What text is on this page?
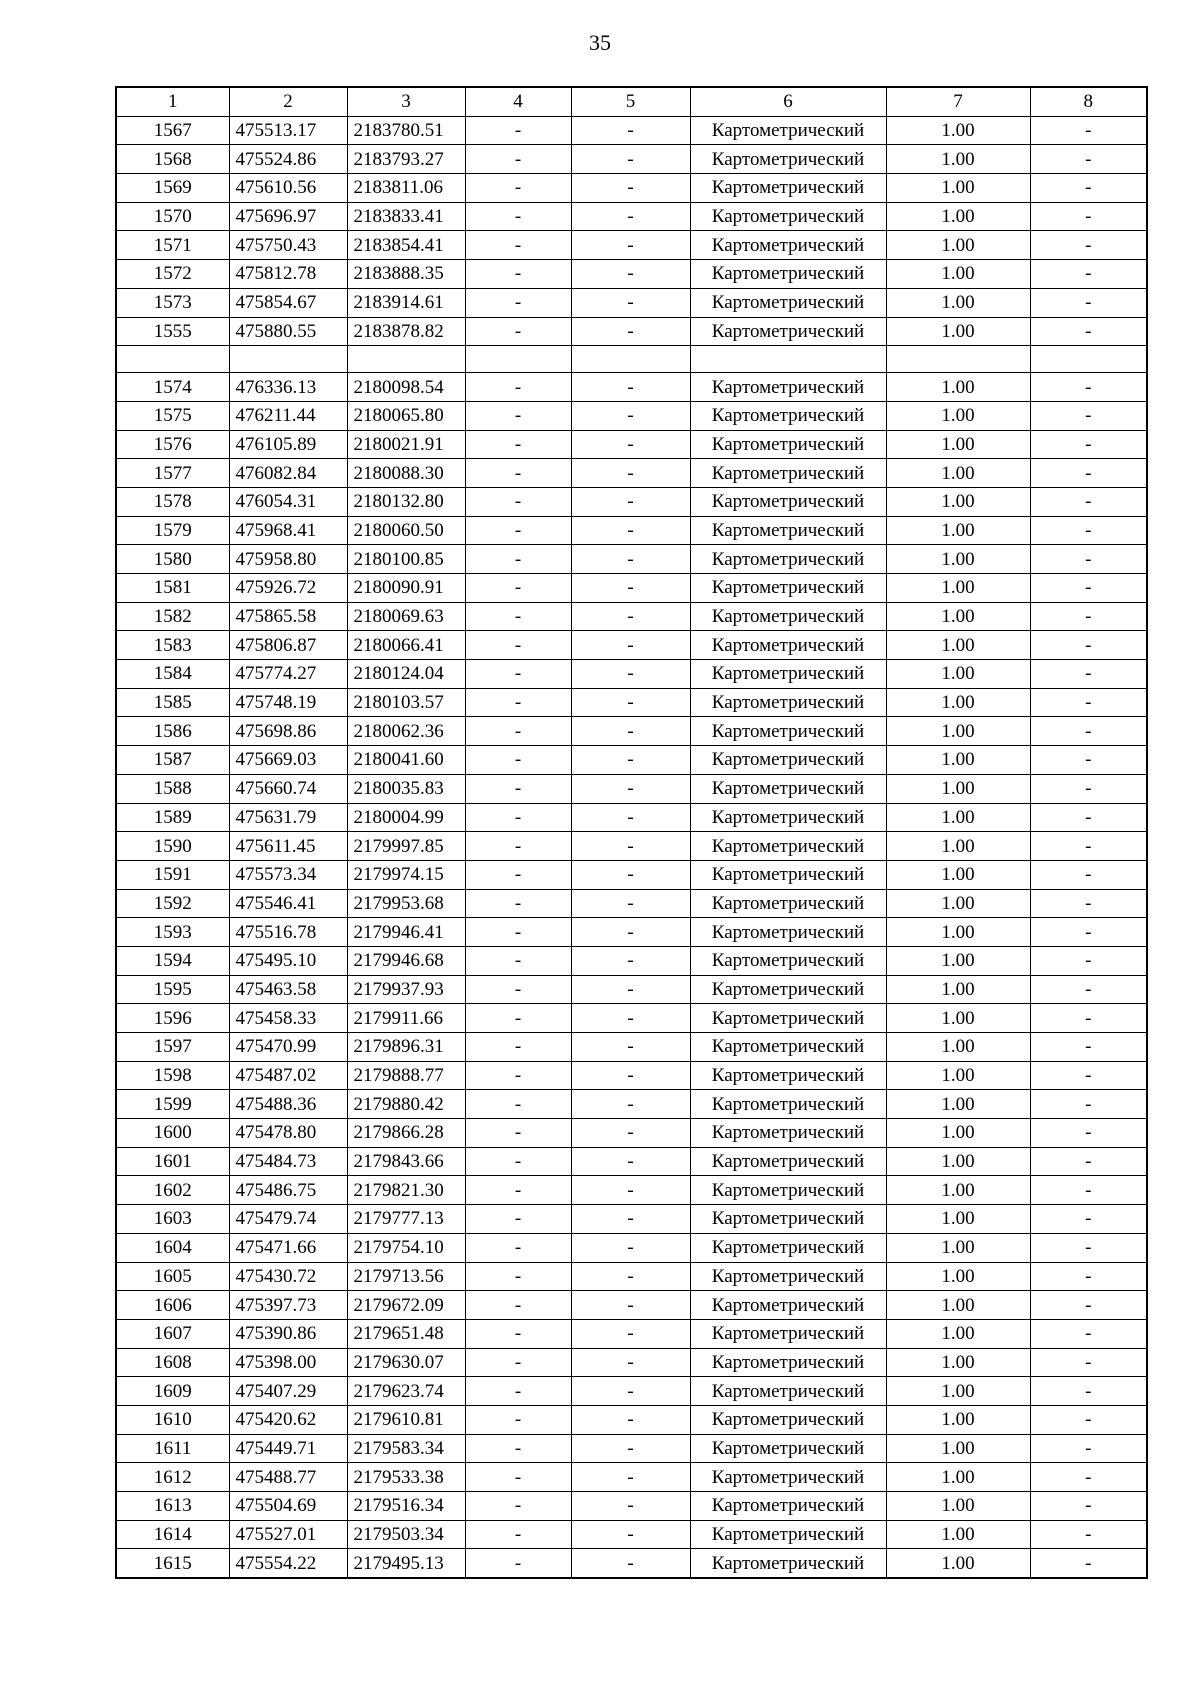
35
1	2	3	4	5	6	7	8
1567	475513.17	2183780.51	-	-	Картометрический	1.00	-
1568	475524.86	2183793.27	-	-	Картометрический	1.00	-
1569	475610.56	2183811.06	-	-	Картометрический	1.00	-
1570	475696.97	2183833.41	-	-	Картометрический	1.00	-
1571	475750.43	2183854.41	-	-	Картометрический	1.00	-
1572	475812.78	2183888.35	-	-	Картометрический	1.00	-
1573	475854.67	2183914.61	-	-	Картометрический	1.00	-
1555	475880.55	2183878.82	-	-	Картометрический	1.00	-

1574	476336.13	2180098.54	-	-	Картометрический	1.00	-
1575	476211.44	2180065.80	-	-	Картометрический	1.00	-
1576	476105.89	2180021.91	-	-	Картометрический	1.00	-
1577	476082.84	2180088.30	-	-	Картометрический	1.00	-
1578	476054.31	2180132.80	-	-	Картометрический	1.00	-
1579	475968.41	2180060.50	-	-	Картометрический	1.00	-
1580	475958.80	2180100.85	-	-	Картометрический	1.00	-
1581	475926.72	2180090.91	-	-	Картометрический	1.00	-
1582	475865.58	2180069.63	-	-	Картометрический	1.00	-
1583	475806.87	2180066.41	-	-	Картометрический	1.00	-
1584	475774.27	2180124.04	-	-	Картометрический	1.00	-
1585	475748.19	2180103.57	-	-	Картометрический	1.00	-
1586	475698.86	2180062.36	-	-	Картометрический	1.00	-
1587	475669.03	2180041.60	-	-	Картометрический	1.00	-
1588	475660.74	2180035.83	-	-	Картометрический	1.00	-
1589	475631.79	2180004.99	-	-	Картометрический	1.00	-
1590	475611.45	2179997.85	-	-	Картометрический	1.00	-
1591	475573.34	2179974.15	-	-	Картометрический	1.00	-
1592	475546.41	2179953.68	-	-	Картометрический	1.00	-
1593	475516.78	2179946.41	-	-	Картометрический	1.00	-
1594	475495.10	2179946.68	-	-	Картометрический	1.00	-
1595	475463.58	2179937.93	-	-	Картометрический	1.00	-
1596	475458.33	2179911.66	-	-	Картометрический	1.00	-
1597	475470.99	2179896.31	-	-	Картометрический	1.00	-
1598	475487.02	2179888.77	-	-	Картометрический	1.00	-
1599	475488.36	2179880.42	-	-	Картометрический	1.00	-
1600	475478.80	2179866.28	-	-	Картометрический	1.00	-
1601	475484.73	2179843.66	-	-	Картометрический	1.00	-
1602	475486.75	2179821.30	-	-	Картометрический	1.00	-
1603	475479.74	2179777.13	-	-	Картометрический	1.00	-
1604	475471.66	2179754.10	-	-	Картометрический	1.00	-
1605	475430.72	2179713.56	-	-	Картометрический	1.00	-
1606	475397.73	2179672.09	-	-	Картометрический	1.00	-
1607	475390.86	2179651.48	-	-	Картометрический	1.00	-
1608	475398.00	2179630.07	-	-	Картометрический	1.00	-
1609	475407.29	2179623.74	-	-	Картометрический	1.00	-
1610	475420.62	2179610.81	-	-	Картометрический	1.00	-
1611	475449.71	2179583.34	-	-	Картометрический	1.00	-
1612	475488.77	2179533.38	-	-	Картометрический	1.00	-
1613	475504.69	2179516.34	-	-	Картометрический	1.00	-
1614	475527.01	2179503.34	-	-	Картометрический	1.00	-
1615	475554.22	2179495.13	-	-	Картометрический	1.00	-
